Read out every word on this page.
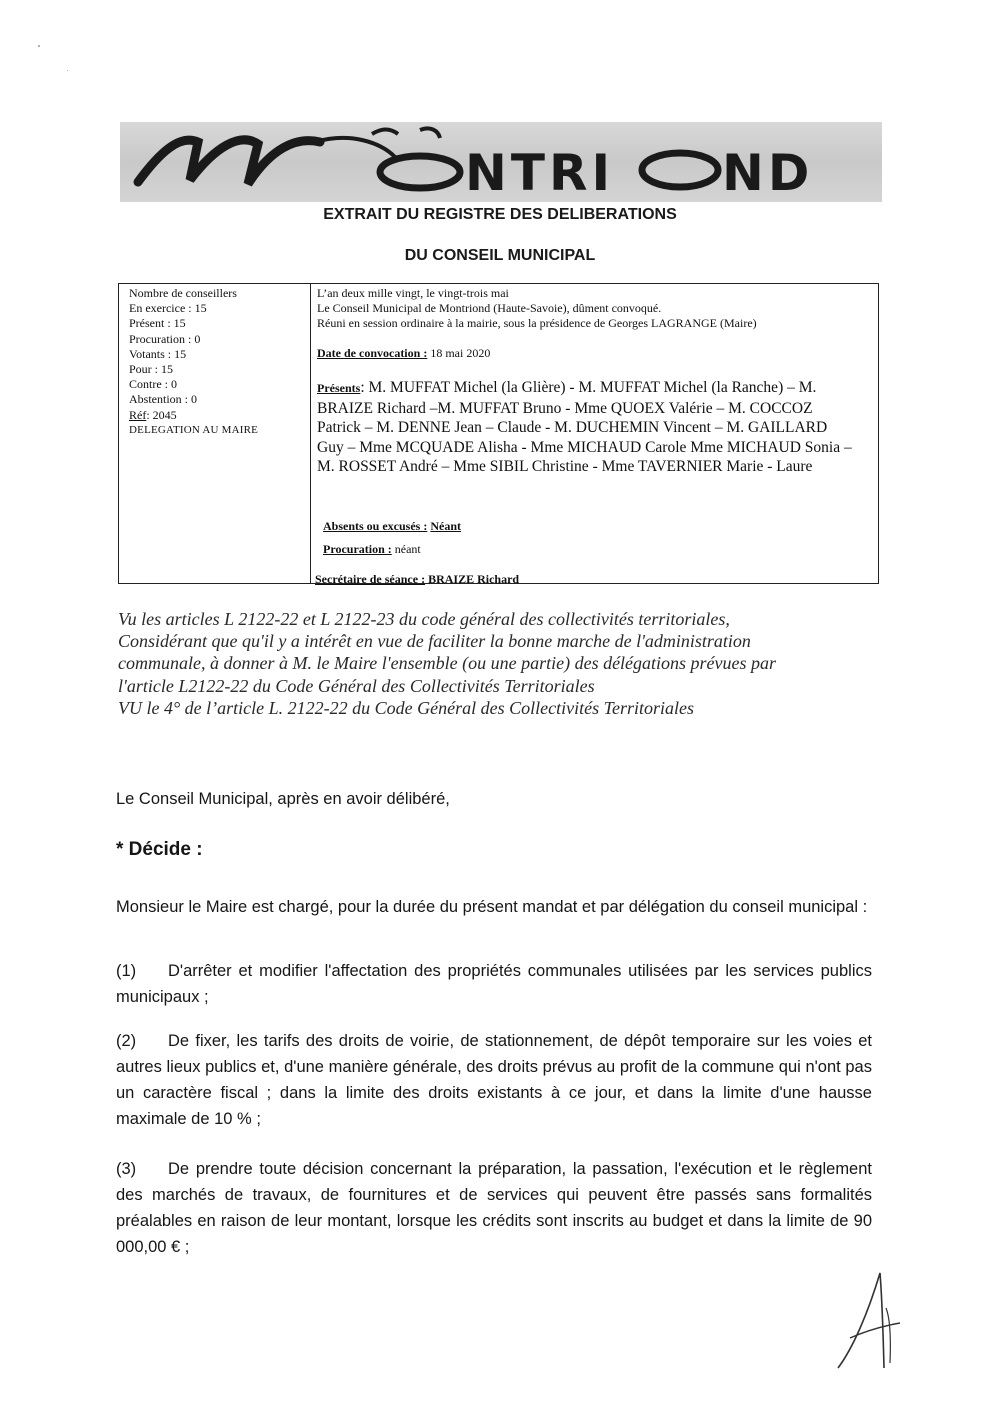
NTRI ND
EXTRAIT DU REGISTRE DES DELIBERATIONS
DU CONSEIL MUNICIPAL
Nombre de conseillers
En exercice : 15
Présent : 15
Procuration : 0
Votants : 15
Pour : 15
Contre : 0
Abstention : 0
Réf: 2045
DELEGATION AU MAIRE
L’an deux mille vingt, le vingt-trois mai
Le Conseil Municipal de Montriond (Haute-Savoie), dûment convoqué.
Réuni en session ordinaire à la mairie, sous la présidence de Georges LAGRANGE (Maire)
Date de convocation : 18 mai 2020
Présents: M. MUFFAT Michel (la Glière) - M. MUFFAT Michel (la Ranche) – M. BRAIZE Richard –M. MUFFAT Bruno - Mme QUOEX Valérie – M. COCCOZ Patrick – M. DENNE Jean – Claude - M. DUCHEMIN Vincent – M. GAILLARD Guy – Mme MCQUADE Alisha - Mme MICHAUD Carole Mme MICHAUD Sonia – M. ROSSET André – Mme SIBIL Christine - Mme TAVERNIER Marie - Laure
Absents ou excusés : Néant
Procuration : néant
Secrétaire de séance : BRAIZE Richard
Vu les articles L 2122-22 et L 2122-23 du code général des collectivités territoriales,
Considérant que qu'il y a intérêt en vue de faciliter la bonne marche de l'administration
communale, à donner à M. le Maire l'ensemble (ou une partie) des délégations prévues par
l'article L2122-22 du Code Général des Collectivités Territoriales
VU le 4° de l’article L. 2122-22 du Code Général des Collectivités Territoriales
Le Conseil Municipal, après en avoir délibéré,
* Décide :
Monsieur le Maire est chargé, pour la durée du présent mandat et par délégation du conseil municipal :
(1) D'arrêter et modifier l'affectation des propriétés communales utilisées par les services publics municipaux ;
(2) De fixer, les tarifs des droits de voirie, de stationnement, de dépôt temporaire sur les voies et autres lieux publics et, d'une manière générale, des droits prévus au profit de la commune qui n'ont pas un caractère fiscal ; dans la limite des droits existants à ce jour, et dans la limite d'une hausse maximale de 10 % ;
(3) De prendre toute décision concernant la préparation, la passation, l'exécution et le règlement des marchés de travaux, de fournitures et de services qui peuvent être passés sans formalités préalables en raison de leur montant, lorsque les crédits sont inscrits au budget et dans la limite de 90 000,00 € ;
